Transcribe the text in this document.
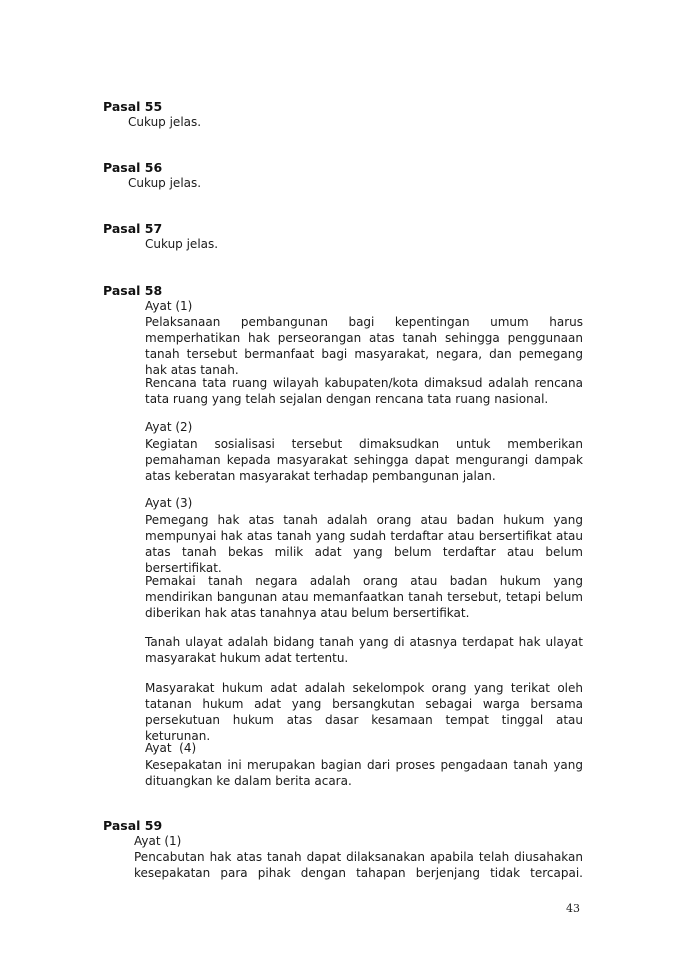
Pasal 55
Cukup jelas.
Pasal 56
Cukup jelas.
Pasal 57
Cukup jelas.
Pasal 58
Ayat (1)
Pelaksanaan pembangunan bagi kepentingan umum harus memperhatikan hak perseorangan atas tanah sehingga penggunaan tanah tersebut bermanfaat bagi masyarakat, negara, dan pemegang hak atas tanah.
Rencana tata ruang wilayah kabupaten/kota dimaksud adalah rencana tata ruang yang telah sejalan dengan rencana tata ruang nasional.
Ayat (2)
Kegiatan sosialisasi tersebut dimaksudkan untuk memberikan pemahaman kepada masyarakat sehingga dapat mengurangi dampak atas keberatan masyarakat terhadap pembangunan jalan.
Ayat (3)
Pemegang hak atas tanah adalah orang atau badan hukum yang mempunyai hak atas tanah yang sudah terdaftar atau bersertifikat atau atas tanah bekas milik adat yang belum terdaftar atau belum bersertifikat.
Pemakai tanah negara adalah orang atau badan hukum yang mendirikan bangunan atau memanfaatkan tanah tersebut, tetapi belum diberikan hak atas tanahnya atau belum bersertifikat.
Tanah ulayat adalah bidang tanah yang di atasnya terdapat hak ulayat masyarakat hukum adat tertentu.
Masyarakat hukum adat adalah sekelompok orang yang terikat oleh tatanan hukum adat yang bersangkutan sebagai warga bersama persekutuan hukum atas dasar kesamaan tempat tinggal atau keturunan.
Ayat  (4)
Kesepakatan ini merupakan bagian dari proses pengadaan tanah yang dituangkan ke dalam berita acara.
Pasal 59
Ayat (1)
Pencabutan hak atas tanah dapat dilaksanakan apabila telah diusahakan kesepakatan para pihak dengan tahapan berjenjang tidak tercapai.
43
